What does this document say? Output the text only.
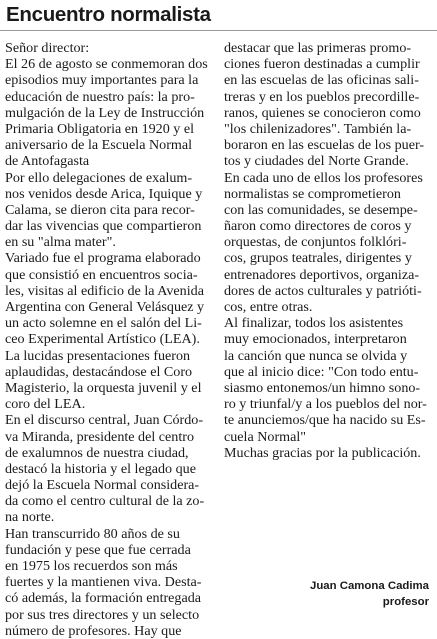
Encuentro normalista
Señor director:
El 26 de agosto se conmemoran dos
episodios muy importantes para la
educación de nuestro país: la pro-
mulgación de la Ley de Instrucción
Primaria Obligatoria en 1920 y el
aniversario de la Escuela Normal
de Antofagasta
Por ello delegaciones de exalum-
nos venidos desde Arica, Iquique y
Calama, se dieron cita para recor-
dar las vivencias que compartieron
en su "alma mater".
Variado fue el programa elaborado
que consistió en encuentros socia-
les, visitas al edificio de la Avenida
Argentina con General Velásquez y
un acto solemne en el salón del Li-
ceo Experimental Artístico (LEA).
La lucidas presentaciones fueron
aplaudidas, destacándose el Coro
Magisterio, la orquesta juvenil y el
coro del LEA.
En el discurso central, Juan Córdo-
va Miranda, presidente del centro
de exalumnos de nuestra ciudad,
destacó la historia y el legado que
dejó la Escuela Normal considera-
da como el centro cultural de la zo-
na norte.
Han transcurrido 80 años de su
fundación y pese que fue cerrada
en 1975 los recuerdos son más
fuertes y la mantienen viva. Desta-
có además, la formación entregada
por sus tres directores y un selecto
número de profesores. Hay que
destacar que las primeras promo-
ciones fueron destinadas a cumplir
en las escuelas de las oficinas sali-
treras y en los pueblos precordille-
ranos, quienes se conocieron como
"los chilenizadores". También la-
boraron en las escuelas de los puer-
tos y ciudades del Norte Grande.
En cada uno de ellos los profesores
normalistas se comprometieron
con las comunidades, se desempe-
ñaron como directores de coros y
orquestas, de conjuntos folklóri-
cos, grupos teatrales, dirigentes y
entrenadores deportivos, organiza-
dores de actos culturales y patrióti-
cos, entre otras.
Al finalizar, todos los asistentes
muy emocionados, interpretaron
la canción que nunca se olvida y
que al inicio dice: "Con todo entu-
siasmo entonemos/un himno sono-
ro y triunfal/y a los pueblos del nor-
te anunciemos/que ha nacido su Es-
cuela Normal"
Muchas gracias por la publicación.
Juan Camona Cadima
profesor
